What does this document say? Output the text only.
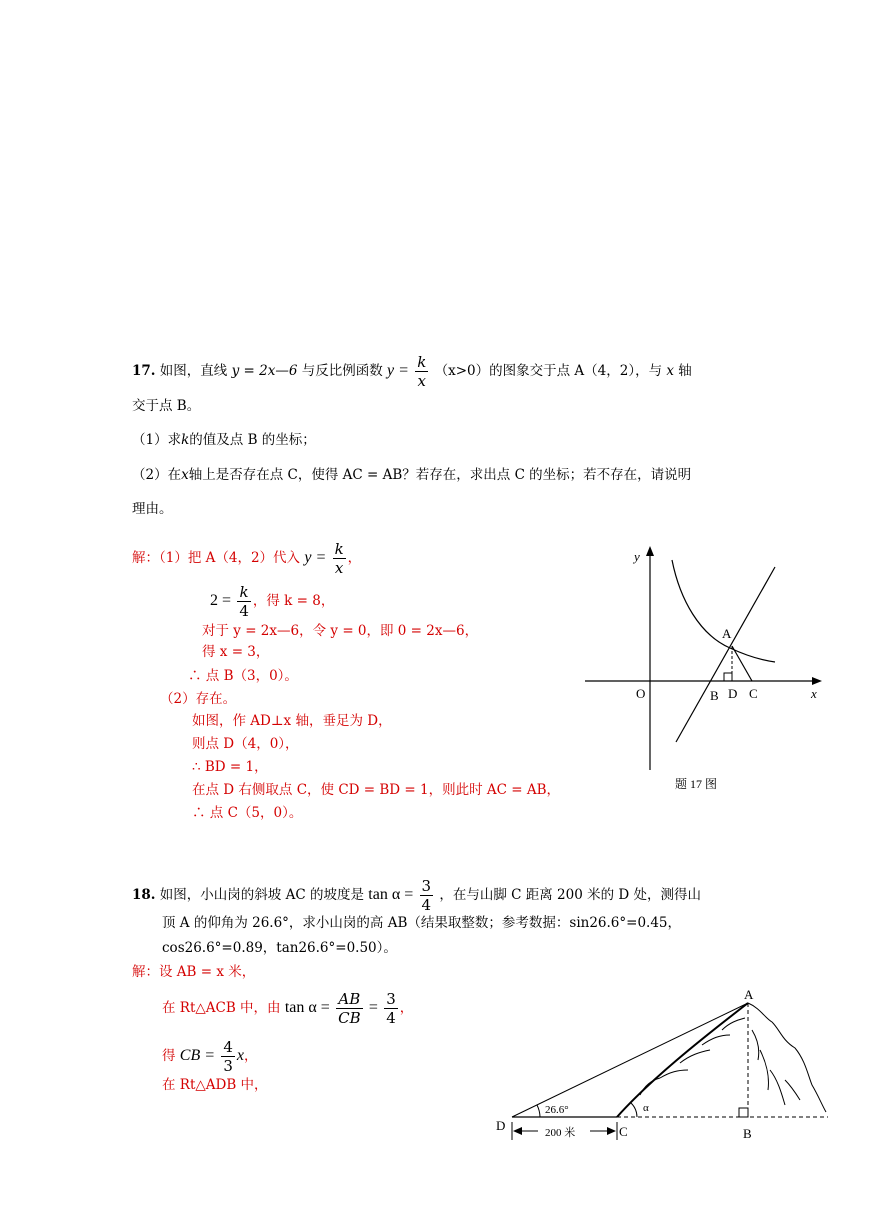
17. 如图，直线 y = 2x—6 与反比例函数 $y = \frac{k}{x} (x>0)$的图象交于点 A（4，2），与 x 轴
交于点 B。
（1）求k的值及点 B 的坐标；
（2）在x轴上是否存在点 C，使得 AC = AB？若存在，求出点 C 的坐标；若不存在，请说明
理由。
解：（1）把 A（4，2）代入 $y = \frac{k}{x}$ ，
$2 = \frac{k}{4}$ ，得 k = 8，
对于 y = 2x—6，令 y = 0，即 0 = 2x—6，
得 x = 3，
∴ 点 B（3，0）。
（2）存在。
如图，作 AD⊥x 轴，垂足为 D，
则点 D（4，0），
∴ BD = 1，
在点 D 右侧取点 C，使 CD = BD = 1，则此时 AC = AB，
∴ 点 C（5，0）。
y
x
O
A
B D C
题 17 图
18. 如图，小山岗的斜坡 AC 的坡度是 $\tan \alpha = \frac{3}{4}$ ，在与山脚 C 距离 200 米的 D 处，测得山
顶 A 的仰角为 26.6°，求小山岗的高 AB（结果取整数；参考数据：sin26.6°=0.45，
cos26.6°=0.89，tan26.6°=0.50）。
解：设 AB = x 米，
在 Rt△ACB 中，由 $\tan \alpha = \frac{AB}{CB} = \frac{3}{4}$ ，
得 CB = $\frac{4}{3}$ x，
在 Rt△ADB 中，
200 米
26.6°	α
A
B
C
D
